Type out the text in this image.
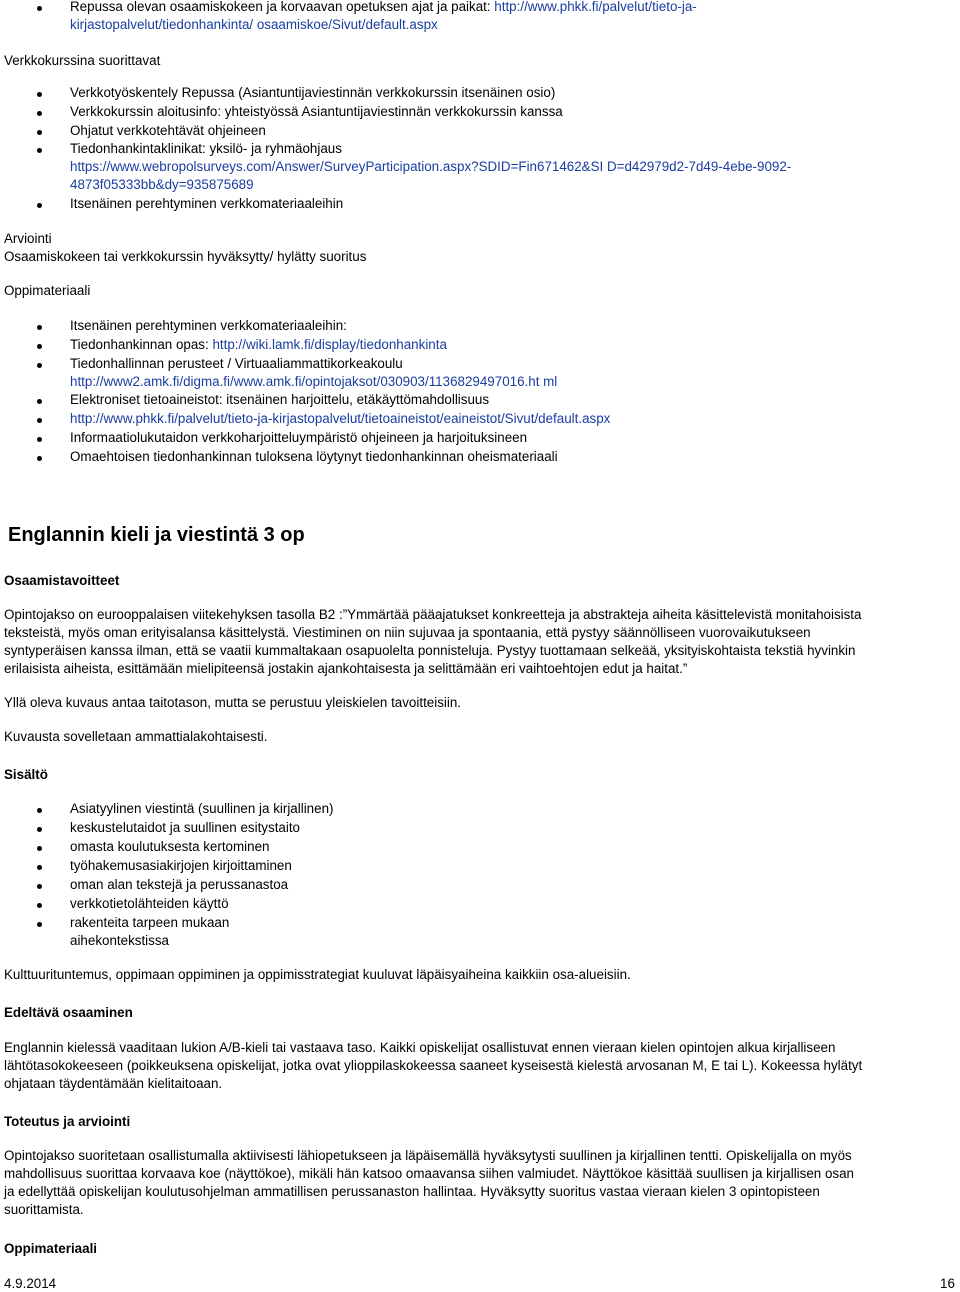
Repussa olevan osaamiskokeen ja korvaavan opetuksen ajat ja paikat: http://www.phkk.fi/palvelut/tieto-ja-
kirjastopalvelut/tiedonhankinta/ osaamiskoe/Sivut/default.aspx
Verkkokurssina suorittavat
Verkkotyöskentely Repussa (Asiantuntijaviestinnän verkkokurssin itsenäinen osio)
Verkkokurssin aloitusinfo: yhteistyössä Asiantuntijaviestinnän verkkokurssin kanssa
Ohjatut verkkotehtävät ohjeineen
Tiedonhankintaklinikat: yksilö- ja ryhmäohjaus
https://www.webropolsurveys.com/Answer/SurveyParticipation.aspx?SDID=Fin671462&SI D=d42979d2-7d49-4ebe-9092-
4873f05333bb&dy=935875689
Itsenäinen perehtyminen verkkomateriaaleihin
Arviointi
Osaamiskokeen tai verkkokurssin hyväksytty/ hylätty suoritus
Oppimateriaali
Itsenäinen perehtyminen verkkomateriaaleihin:
Tiedonhankinnan opas: http://wiki.lamk.fi/display/tiedonhankinta
Tiedonhallinnan perusteet / Virtuaaliammattikorkeakoulu
http://www2.amk.fi/digma.fi/www.amk.fi/opintojaksot/030903/1136829497016.ht ml
Elektroniset tietoaineistot: itsenäinen harjoittelu, etäkäyttömahdollisuus
http://www.phkk.fi/palvelut/tieto-ja-kirjastopalvelut/tietoaineistot/eaineistot/Sivut/default.aspx
Informaatiolukutaidon verkkoharjoitteluympäristö ohjeineen ja harjoituksineen
Omaehtoisen tiedonhankinnan tuloksena löytynyt tiedonhankinnan oheismateriaali
Englannin kieli ja viestintä 3 op
Osaamistavoitteet
Opintojakso on eurooppalaisen viitekehyksen tasolla B2 :”Ymmärtää pääajatukset konkreetteja ja abstrakteja aiheita käsittelevistä monitahoisista
teksteistä, myös oman erityisalansa käsittelystä. Viestiminen on niin sujuvaa ja spontaania, että pystyy säännölliseen vuorovaikutukseen
syntyperäisen kanssa ilman, että se vaatii kummaltakaan osapuolelta ponnisteluja. Pystyy tuottamaan selkeää, yksityiskohtaista tekstiä hyvinkin
erilaisista aiheista, esittämään mielipiteensä jostakin ajankohtaisesta ja selittämään eri vaihtoehtojen edut ja haitat.”
Yllä oleva kuvaus antaa taitotason, mutta se perustuu yleiskielen tavoitteisiin.
Kuvausta sovelletaan ammattialakohtaisesti.
Sisältö
Asiatyylinen viestintä (suullinen ja kirjallinen)
keskustelutaidot ja suullinen esitystaito
omasta koulutuksesta kertominen
työhakemusasiakirjojen kirjoittaminen
oman alan tekstejä ja perussanastoa
verkkotietolähteiden käyttö
rakenteita tarpeen mukaan
aihekontekstissa
Kulttuurituntemus, oppimaan oppiminen ja oppimisstrategiat kuuluvat läpäisyaiheina kaikkiin osa-alueisiin.
Edeltävä osaaminen
Englannin kielessä vaaditaan lukion A/B-kieli tai vastaava taso. Kaikki opiskelijat osallistuvat ennen vieraan kielen opintojen alkua kirjalliseen
lähtötasokokeeseen (poikkeuksena opiskelijat, jotka ovat ylioppilaskokeessa saaneet kyseisestä kielestä arvosanan M, E tai L). Kokeessa hylätyt
ohjataan täydentämään kielitaitoaan.
Toteutus ja arviointi
Opintojakso suoritetaan osallistumalla aktiivisesti lähiopetukseen ja läpäisemällä hyväksytysti suullinen ja kirjallinen tentti. Opiskelijalla on myös
mahdollisuus suorittaa korvaava koe (näyttökoe), mikäli hän katsoo omaavansa siihen valmiudet. Näyttökoe käsittää suullisen ja kirjallisen osan
ja edellyttää opiskelijan koulutusohjelman ammatillisen perussanaston hallintaa. Hyväksytty suoritus vastaa vieraan kielen 3 opintopisteen
suorittamista.
Oppimateriaali
4.9.2014	16
